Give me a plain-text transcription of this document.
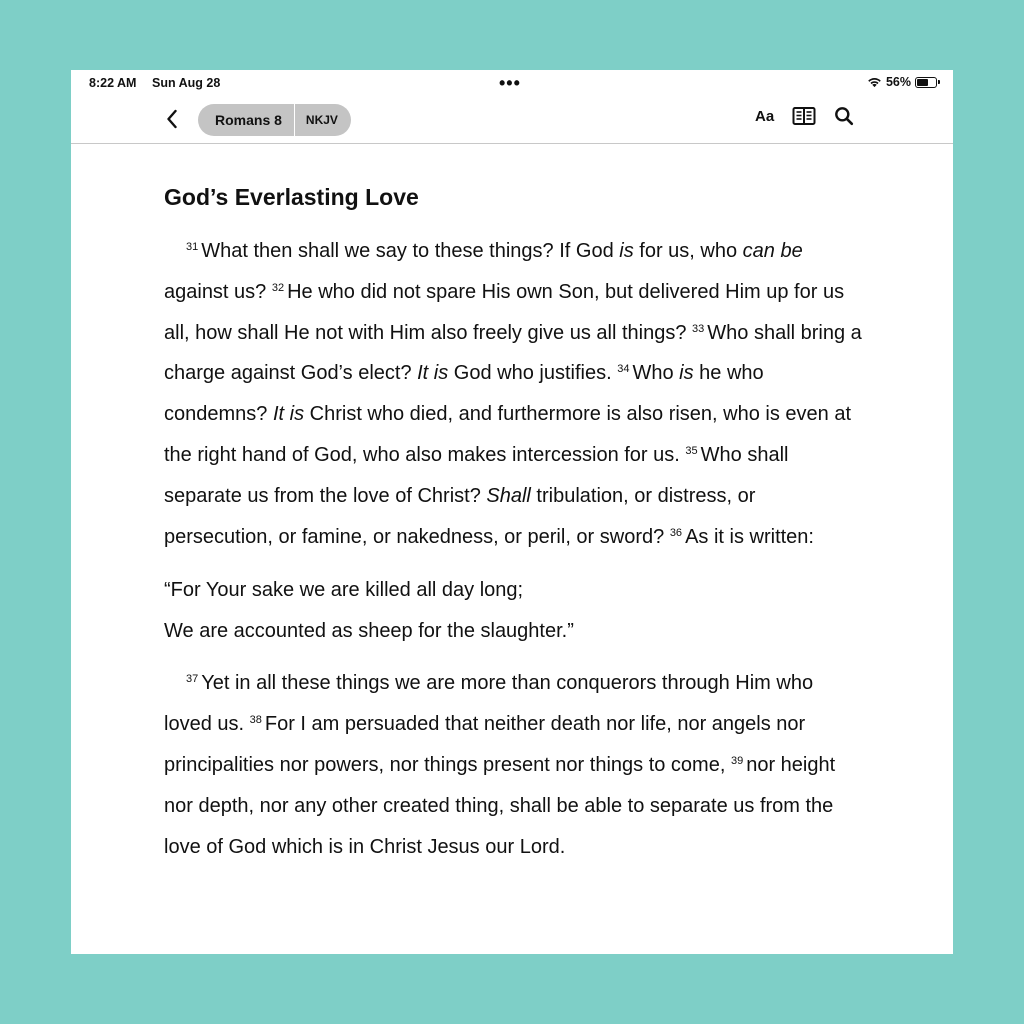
8:22 AM Sun Aug 28	•••	56%
Romans 8	NKJV	Aa
God’s Everlasting Love

$^{31}$ What then shall we say to these things? If God is for us, who can be against us? $^{32}$ He who did not spare His own Son, but delivered Him up for us all, how shall He not with Him also freely give us all things? $^{33}$ Who shall bring a charge against God’s elect? It is God who justifies. $^{34}$ Who is he who condemns? It is Christ who died, and furthermore is also risen, who is even at the right hand of God, who also makes intercession for us. $^{35}$ Who shall separate us from the love of Christ? Shall tribulation, or distress, or persecution, or famine, or nakedness, or peril, or sword? $^{36}$ As it is written:

“For Your sake we are killed all day long;
We are accounted as sheep for the slaughter.”

$^{37}$ Yet in all these things we are more than conquerors through Him who loved us. $^{38}$ For I am persuaded that neither death nor life, nor angels nor principalities nor powers, nor things present nor things to come, $^{39}$ nor height nor depth, nor any other created thing, shall be able to separate us from the love of God which is in Christ Jesus our Lord.
